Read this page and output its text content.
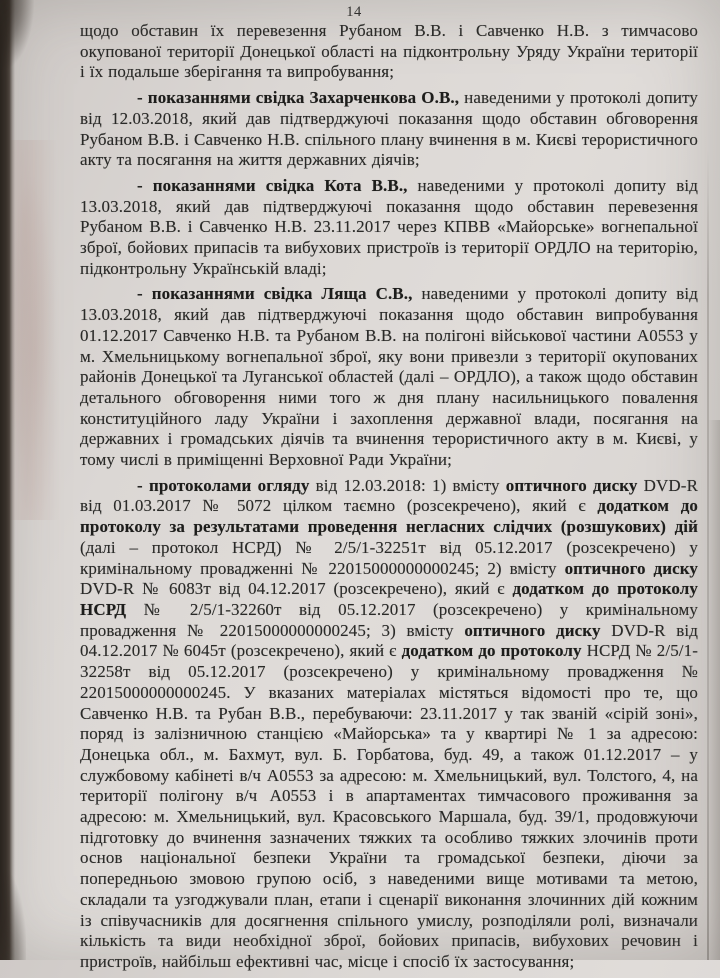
14

щодо обставин їх перевезення Рубаном В.В. і Савченко Н.В. з тимчасово окупованої території Донецької області на підконтрольну Уряду України території і їх подальше зберігання та випробування;

- показаннями свідка Захарченкова О.В., наведеними у протоколі допиту від 12.03.2018, який дав підтверджуючі показання щодо обставин обговорення Рубаном В.В. і Савченко Н.В. спільного плану вчинення в м. Києві терористичного акту та посягання на життя державних діячів;

- показаннями свідка Кота В.В., наведеними у протоколі допиту від 13.03.2018, який дав підтверджуючі показання щодо обставин перевезення Рубаном В.В. і Савченко Н.В. 23.11.2017 через КПВВ «Майорське» вогнепальної зброї, бойових припасів та вибухових пристроїв із території ОРДЛО на територію, підконтрольну Українській владі;

- показаннями свідка Ляща С.В., наведеними у протоколі допиту від 13.03.2018, який дав підтверджуючі показання щодо обставин випробування 01.12.2017 Савченко Н.В. та Рубаном В.В. на полігоні військової частини А0553 у м. Хмельницькому вогнепальної зброї, яку вони привезли з території окупованих районів Донецької та Луганської областей (далі – ОРДЛО), а також щодо обставин детального обговорення ними того ж дня плану насильницького повалення конституційного ладу України і захоплення державної влади, посягання на державних і громадських діячів та вчинення терористичного акту в м. Києві, у тому числі в приміщенні Верховної Ради України;

- протоколами огляду від 12.03.2018: 1) вмісту оптичного диску DVD-R від 01.03.2017 № 5072 цілком таємно (розсекречено), який є додатком до протоколу за результатами проведення негласних слідчих (розшукових) дій (далі – протокол НСРД) № 2/5/1-32251т від 05.12.2017 (розсекречено) у кримінальному провадженні № 22015000000000245; 2) вмісту оптичного диску DVD-R № 6083т від 04.12.2017 (розсекречено), який є додатком до протоколу НСРД № 2/5/1-32260т від 05.12.2017 (розсекречено) у кримінальному провадження № 22015000000000245; 3) вмісту оптичного диску DVD-R від 04.12.2017 № 6045т (розсекречено), який є додатком до протоколу НСРД № 2/5/1-32258т від 05.12.2017 (розсекречено) у кримінальному провадження № 22015000000000245. У вказаних матеріалах містяться відомості про те, що Савченко Н.В. та Рубан В.В., перебуваючи: 23.11.2017 у так званій «сірій зоні», поряд із залізничною станцією «Майорська» та у квартирі № 1 за адресою: Донецька обл., м. Бахмут, вул. Б. Горбатова, буд. 49, а також 01.12.2017 – у службовому кабінеті в/ч А0553 за адресою: м. Хмельницький, вул. Толстого, 4, на території полігону в/ч А0553 і в апартаментах тимчасового проживання за адресою: м. Хмельницький, вул. Красовського Маршала, буд. 39/1, продовжуючи підготовку до вчинення зазначених тяжких та особливо тяжких злочинів проти основ національної безпеки України та громадської безпеки, діючи за попередньою змовою групою осіб, з наведеними вище мотивами та метою, складали та узгоджували план, етапи і сценарії виконання злочинних дій кожним із співучасників для досягнення спільного умислу, розподіляли ролі, визначали кількість та види необхідної зброї, бойових припасів, вибухових речовин і пристроїв, найбільш ефективні час, місце і спосіб їх застосування;
